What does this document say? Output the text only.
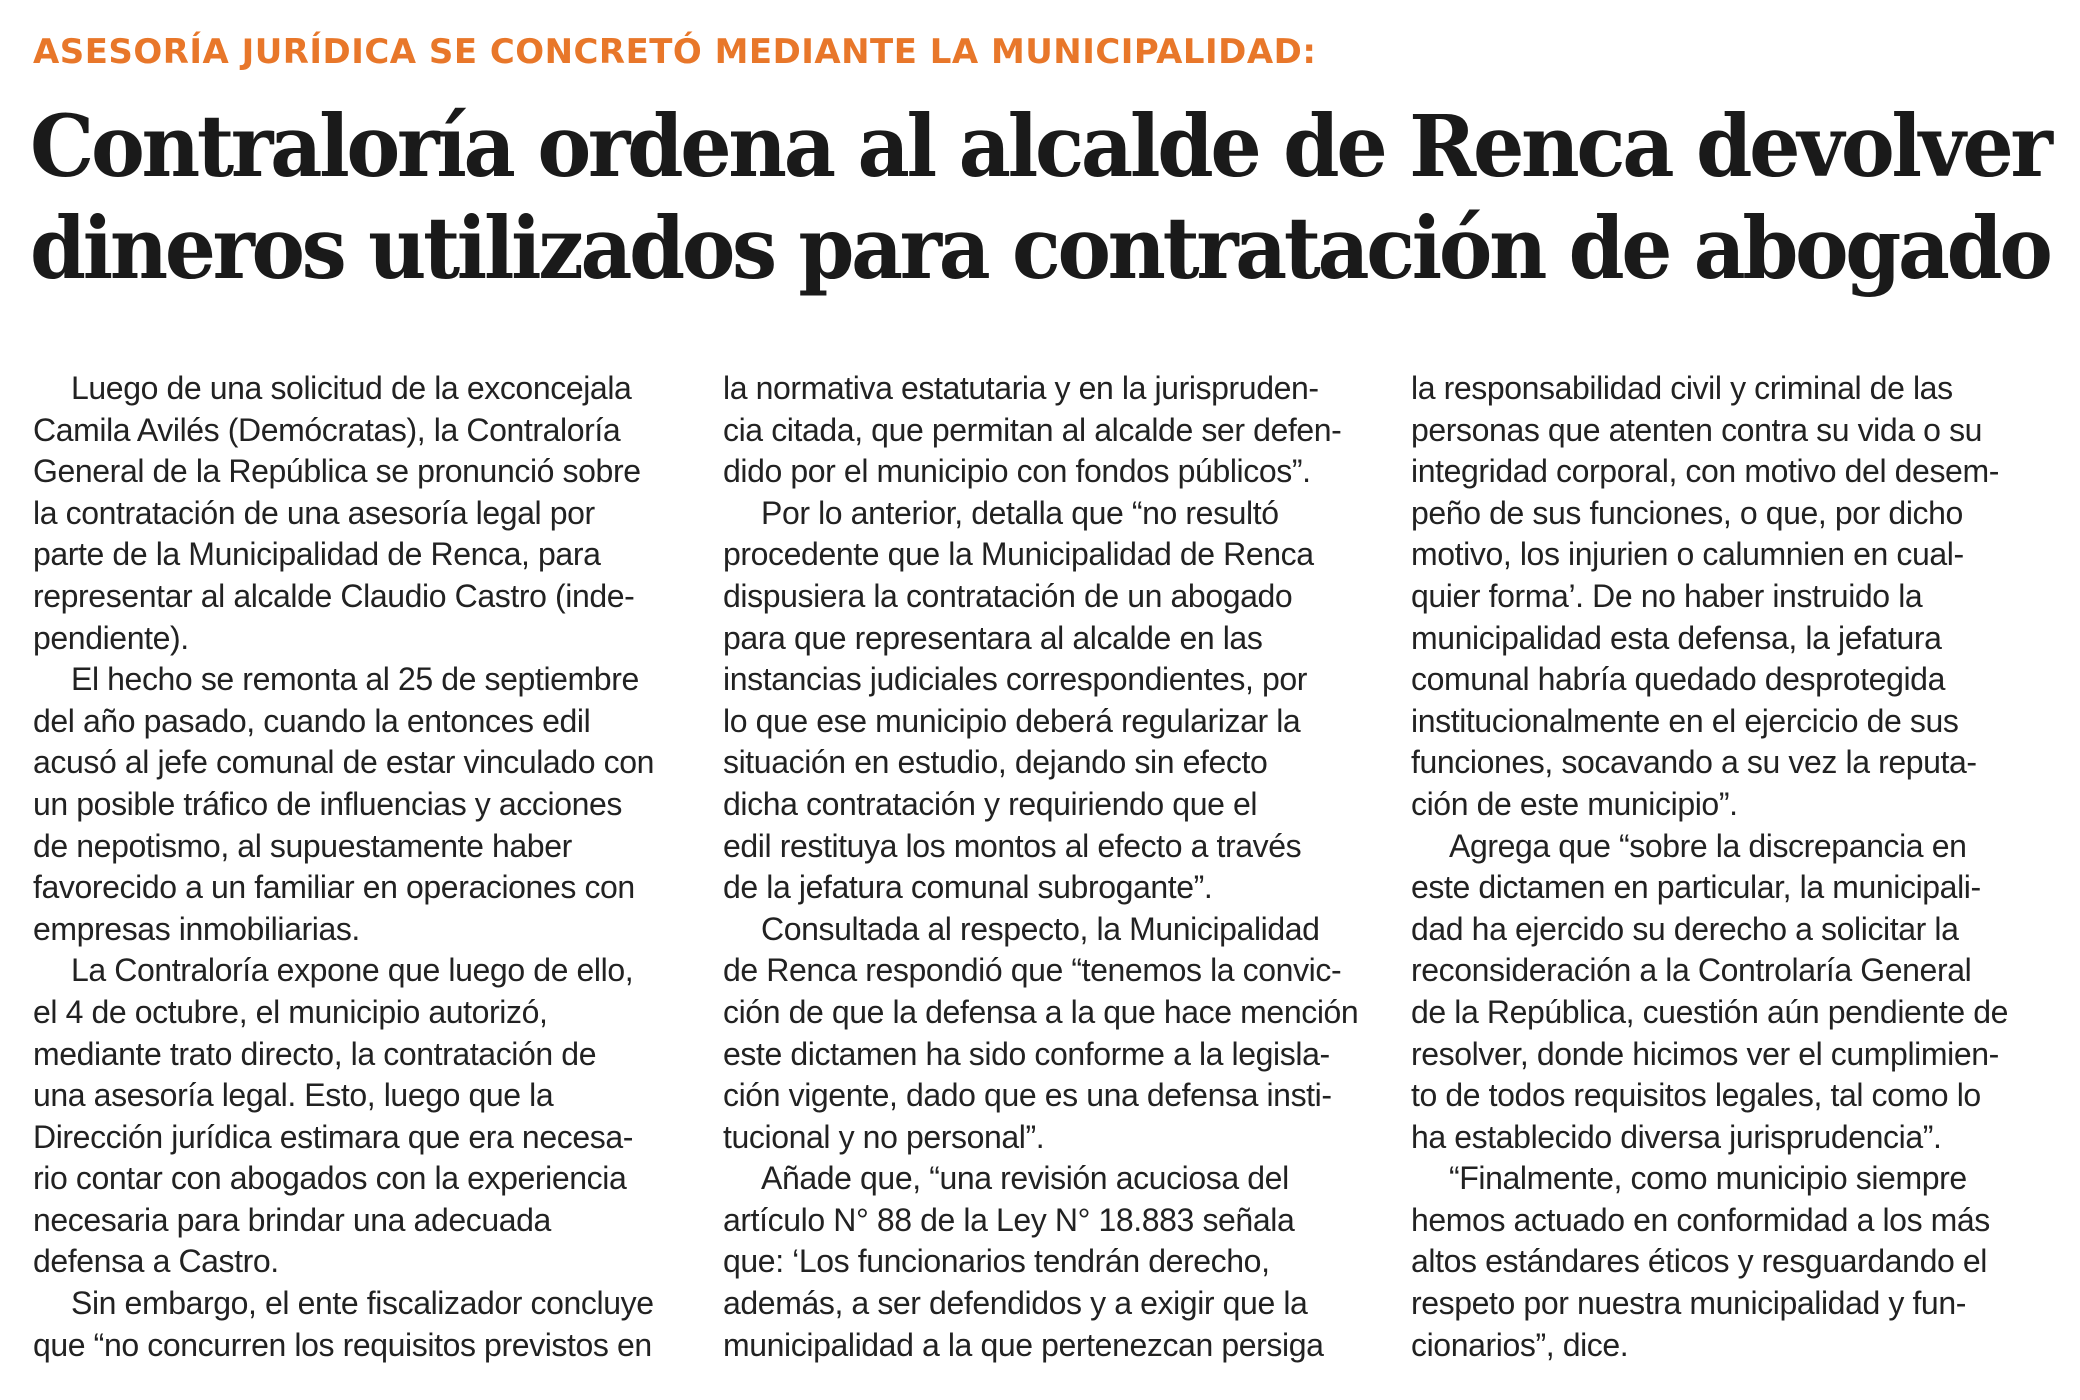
ASESORÍA JURÍDICA SE CONCRETÓ MEDIANTE LA MUNICIPALIDAD:
Contraloría ordena al alcalde de Renca devolver
dineros utilizados para contratación de abogado
Luego de una solicitud de la exconcejala
Camila Avilés (Demócratas), la Contraloría
General de la República se pronunció sobre
la contratación de una asesoría legal por
parte de la Municipalidad de Renca, para
representar al alcalde Claudio Castro (inde-
pendiente).
El hecho se remonta al 25 de septiembre
del año pasado, cuando la entonces edil
acusó al jefe comunal de estar vinculado con
un posible tráfico de influencias y acciones
de nepotismo, al supuestamente haber
favorecido a un familiar en operaciones con
empresas inmobiliarias.
La Contraloría expone que luego de ello,
el 4 de octubre, el municipio autorizó,
mediante trato directo, la contratación de
una asesoría legal. Esto, luego que la
Dirección jurídica estimara que era necesa-
rio contar con abogados con la experiencia
necesaria para brindar una adecuada
defensa a Castro.
Sin embargo, el ente fiscalizador concluye
que “no concurren los requisitos previstos en
la normativa estatutaria y en la jurispruden-
cia citada, que permitan al alcalde ser defen-
dido por el municipio con fondos públicos”.
Por lo anterior, detalla que “no resultó
procedente que la Municipalidad de Renca
dispusiera la contratación de un abogado
para que representara al alcalde en las
instancias judiciales correspondientes, por
lo que ese municipio deberá regularizar la
situación en estudio, dejando sin efecto
dicha contratación y requiriendo que el
edil restituya los montos al efecto a través
de la jefatura comunal subrogante”.
Consultada al respecto, la Municipalidad
de Renca respondió que “tenemos la convic-
ción de que la defensa a la que hace mención
este dictamen ha sido conforme a la legisla-
ción vigente, dado que es una defensa insti-
tucional y no personal”.
Añade que, “una revisión acuciosa del
artículo N° 88 de la Ley N° 18.883 señala
que: ‘Los funcionarios tendrán derecho,
además, a ser defendidos y a exigir que la
municipalidad a la que pertenezcan persiga
la responsabilidad civil y criminal de las
personas que atenten contra su vida o su
integridad corporal, con motivo del desem-
peño de sus funciones, o que, por dicho
motivo, los injurien o calumnien en cual-
quier forma’. De no haber instruido la
municipalidad esta defensa, la jefatura
comunal habría quedado desprotegida
institucionalmente en el ejercicio de sus
funciones, socavando a su vez la reputa-
ción de este municipio”.
Agrega que “sobre la discrepancia en
este dictamen en particular, la municipali-
dad ha ejercido su derecho a solicitar la
reconsideración a la Controlaría General
de la República, cuestión aún pendiente de
resolver, donde hicimos ver el cumplimien-
to de todos requisitos legales, tal como lo
ha establecido diversa jurisprudencia”.
“Finalmente, como municipio siempre
hemos actuado en conformidad a los más
altos estándares éticos y resguardando el
respeto por nuestra municipalidad y fun-
cionarios”, dice.
